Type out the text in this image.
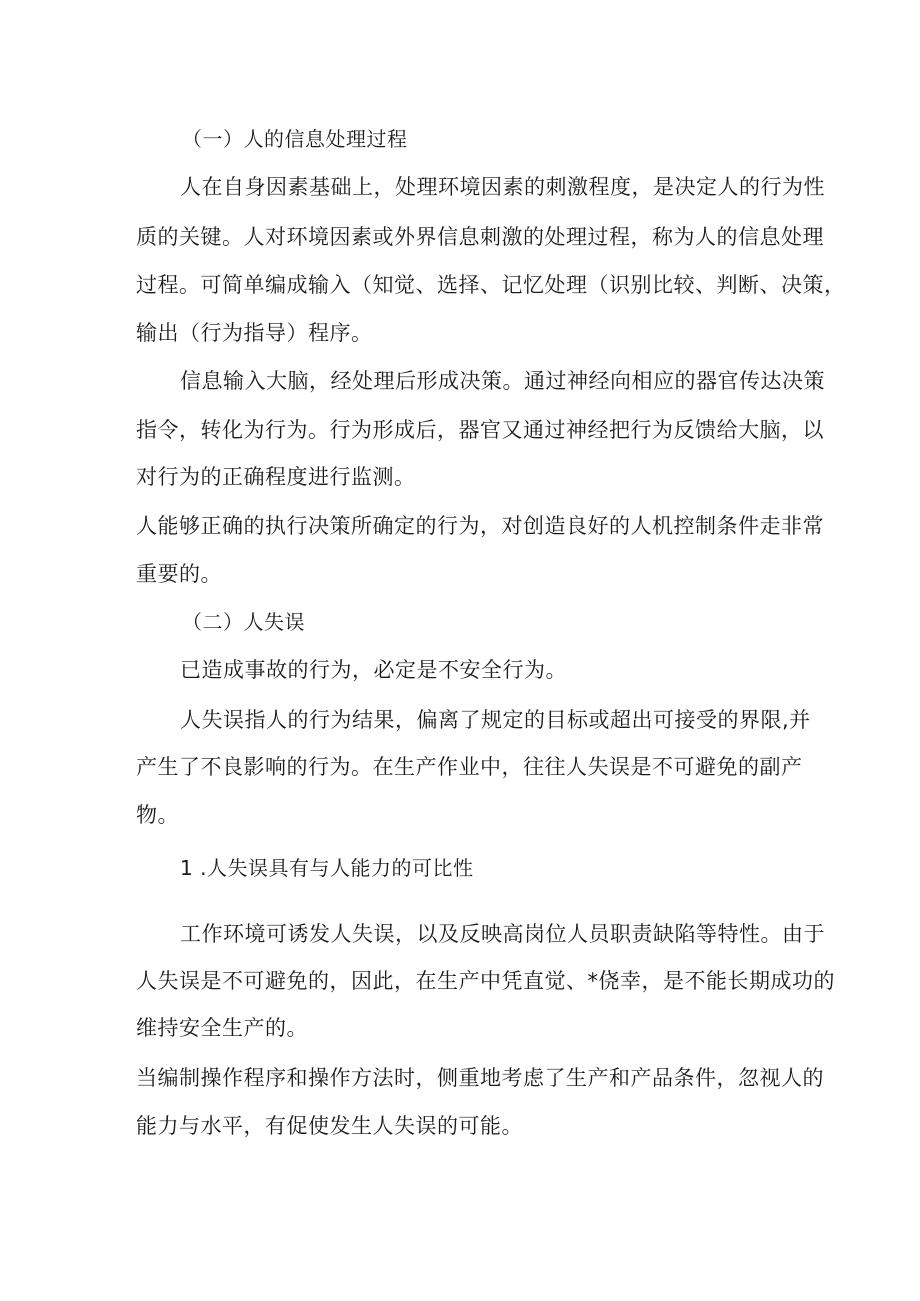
（一）人的信息处理过程
人在自身因素基础上，处理环境因素的刺激程度，是决定人的行为性
质的关键。人对环境因素或外界信息刺激的处理过程，称为人的信息处理
过程。可简单编成输入（知觉、选择、记忆处理（识别比较、判断、决策，
输出（行为指导）程序。
信息输入大脑，经处理后形成决策。通过神经向相应的器官传达决策
指令，转化为行为。行为形成后，器官又通过神经把行为反馈给大脑，以
对行为的正确程度进行监测。
人能够正确的执行决策所确定的行为，对创造良好的人机控制条件走非常
重要的。
（二）人失误
已造成事故的行为，必定是不安全行为。
人失误指人的行为结果，偏离了规定的目标或超出可接受的界限,并
产生了不良影响的行为。在生产作业中，往往人失误是不可避免的副产
物。
1 .人失误具有与人能力的可比性
工作环境可诱发人失误，以及反映高岗位人员职责缺陷等特性。由于
人失误是不可避免的，因此，在生产中凭直觉、*侥幸，是不能长期成功的
维持安全生产的。
当编制操作程序和操作方法时，侧重地考虑了生产和产品条件，忽视人的
能力与水平，有促使发生人失误的可能。
